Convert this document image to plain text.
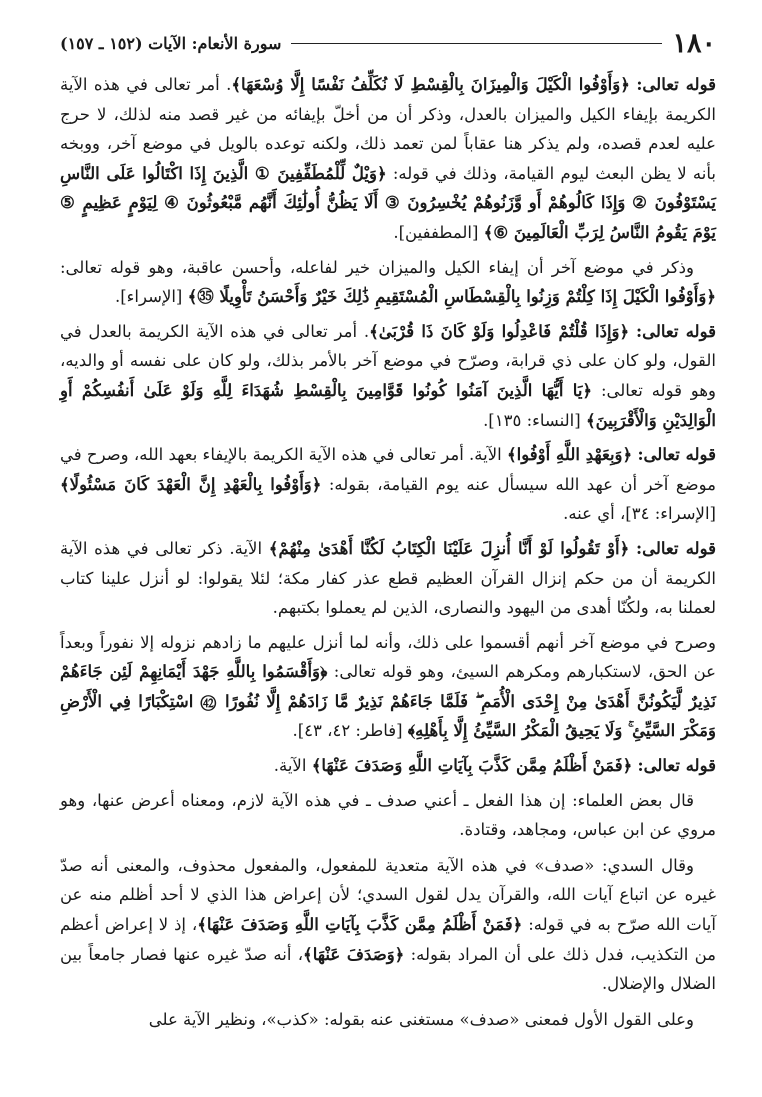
١٨٠
سورة الأنعام: الآيات (١٥٢ ـ ١٥٧)

قوله تعالى: ﴿وَأَوْفُوا الْكَيْلَ وَالْمِيزَانَ بِالْقِسْطِ لَا نُكَلِّفُ نَفْسًا إِلَّا وُسْعَهَا﴾. أمر تعالى في هذه الآية الكريمة بإيفاء الكيل والميزان بالعدل، وذكر أن من أخلّ بإيفائه من غير قصد منه لذلك، لا حرج عليه لعدم قصده، ولم يذكر هنا عقاباً لمن تعمد ذلك، ولكنه توعده بالويل في موضع آخر، ووبخه بأنه لا يظن البعث ليوم القيامة، وذلك في قوله: ﴿وَيْلٌ لِّلْمُطَفِّفِينَ ① الَّذِينَ إِذَا اكْتَالُوا عَلَى النَّاسِ يَسْتَوْفُونَ ② وَإِذَا كَالُوهُمْ أَو وَّزَنُوهُمْ يُخْسِرُونَ ③ أَلَا يَظُنُّ أُولَٰئِكَ أَنَّهُم مَّبْعُوثُونَ ④ لِيَوْمٍ عَظِيمٍ ⑤ يَوْمَ يَقُومُ النَّاسُ لِرَبِّ الْعَالَمِينَ ⑥﴾ [المطففين].

وذكر في موضع آخر أن إيفاء الكيل والميزان خير لفاعله، وأحسن عاقبة، وهو قوله تعالى: ﴿وَأَوْفُوا الْكَيْلَ إِذَا كِلْتُمْ وَزِنُوا بِالْقِسْطَاسِ الْمُسْتَقِيمِ ذَٰلِكَ خَيْرٌ وَأَحْسَنُ تَأْوِيلًا ㉟﴾ [الإسراء].

قوله تعالى: ﴿وَإِذَا قُلْتُمْ فَاعْدِلُوا وَلَوْ كَانَ ذَا قُرْبَىٰ﴾. أمر تعالى في هذه الآية الكريمة بالعدل في القول، ولو كان على ذي قرابة، وصرّح في موضع آخر بالأمر بذلك، ولو كان على نفسه أو والديه، وهو قوله تعالى: ﴿يَا أَيُّهَا الَّذِينَ آمَنُوا كُونُوا قَوَّامِينَ بِالْقِسْطِ شُهَدَاءَ لِلَّهِ وَلَوْ عَلَىٰ أَنفُسِكُمْ أَوِ الْوَالِدَيْنِ وَالْأَقْرَبِينَ﴾ [النساء: ١٣٥].

قوله تعالى: ﴿وَبِعَهْدِ اللَّهِ أَوْفُوا﴾ الآية. أمر تعالى في هذه الآية الكريمة بالإيفاء بعهد الله، وصرح في موضع آخر أن عهد الله سيسأل عنه يوم القيامة، بقوله: ﴿وَأَوْفُوا بِالْعَهْدِ إِنَّ الْعَهْدَ كَانَ مَسْئُولًا﴾ [الإسراء: ٣٤]، أي عنه.

قوله تعالى: ﴿أَوْ تَقُولُوا لَوْ أَنَّا أُنزِلَ عَلَيْنَا الْكِتَابُ لَكُنَّا أَهْدَىٰ مِنْهُمْ﴾ الآية. ذكر تعالى في هذه الآية الكريمة أن من حكم إنزال القرآن العظيم قطع عذر كفار مكة؛ لئلا يقولوا: لو أنزل علينا كتاب لعملنا به، ولكُنّا أهدى من اليهود والنصارى، الذين لم يعملوا بكتبهم.

وصرح في موضع آخر أنهم أقسموا على ذلك، وأنه لما أنزل عليهم ما زادهم نزوله إلا نفوراً وبعداً عن الحق، لاستكبارهم ومكرهم السيئ، وهو قوله تعالى: ﴿وَأَقْسَمُوا بِاللَّهِ جَهْدَ أَيْمَانِهِمْ لَئِن جَاءَهُمْ نَذِيرٌ لَّيَكُونُنَّ أَهْدَىٰ مِنْ إِحْدَى الْأُمَمِ ۖ فَلَمَّا جَاءَهُمْ نَذِيرٌ مَّا زَادَهُمْ إِلَّا نُفُورًا ㊷ اسْتِكْبَارًا فِي الْأَرْضِ وَمَكْرَ السَّيِّئِ ۚ وَلَا يَحِيقُ الْمَكْرُ السَّيِّئُ إِلَّا بِأَهْلِهِ﴾ [فاطر: ٤٢، ٤٣].

قوله تعالى: ﴿فَمَنْ أَظْلَمُ مِمَّن كَذَّبَ بِآيَاتِ اللَّهِ وَصَدَفَ عَنْهَا﴾ الآية.

قال بعض العلماء: إن هذا الفعل ـ أعني صدف ـ في هذه الآية لازم، ومعناه أعرض عنها، وهو مروي عن ابن عباس، ومجاهد، وقتادة.

وقال السدي: «صدف» في هذه الآية متعدية للمفعول، والمفعول محذوف، والمعنى أنه صدّ غيره عن اتباع آيات الله، والقرآن يدل لقول السدي؛ لأن إعراض هذا الذي لا أحد أظلم منه عن آيات الله صرّح به في قوله: ﴿فَمَنْ أَظْلَمُ مِمَّن كَذَّبَ بِآيَاتِ اللَّهِ وَصَدَفَ عَنْهَا﴾، إذ لا إعراض أعظم من التكذيب، فدل ذلك على أن المراد بقوله: ﴿وَصَدَفَ عَنْهَا﴾، أنه صدّ غيره عنها فصار جامعاً بين الضلال والإضلال.

وعلى القول الأول فمعنى «صدف» مستغنى عنه بقوله: «كذب»، ونظير الآية على
